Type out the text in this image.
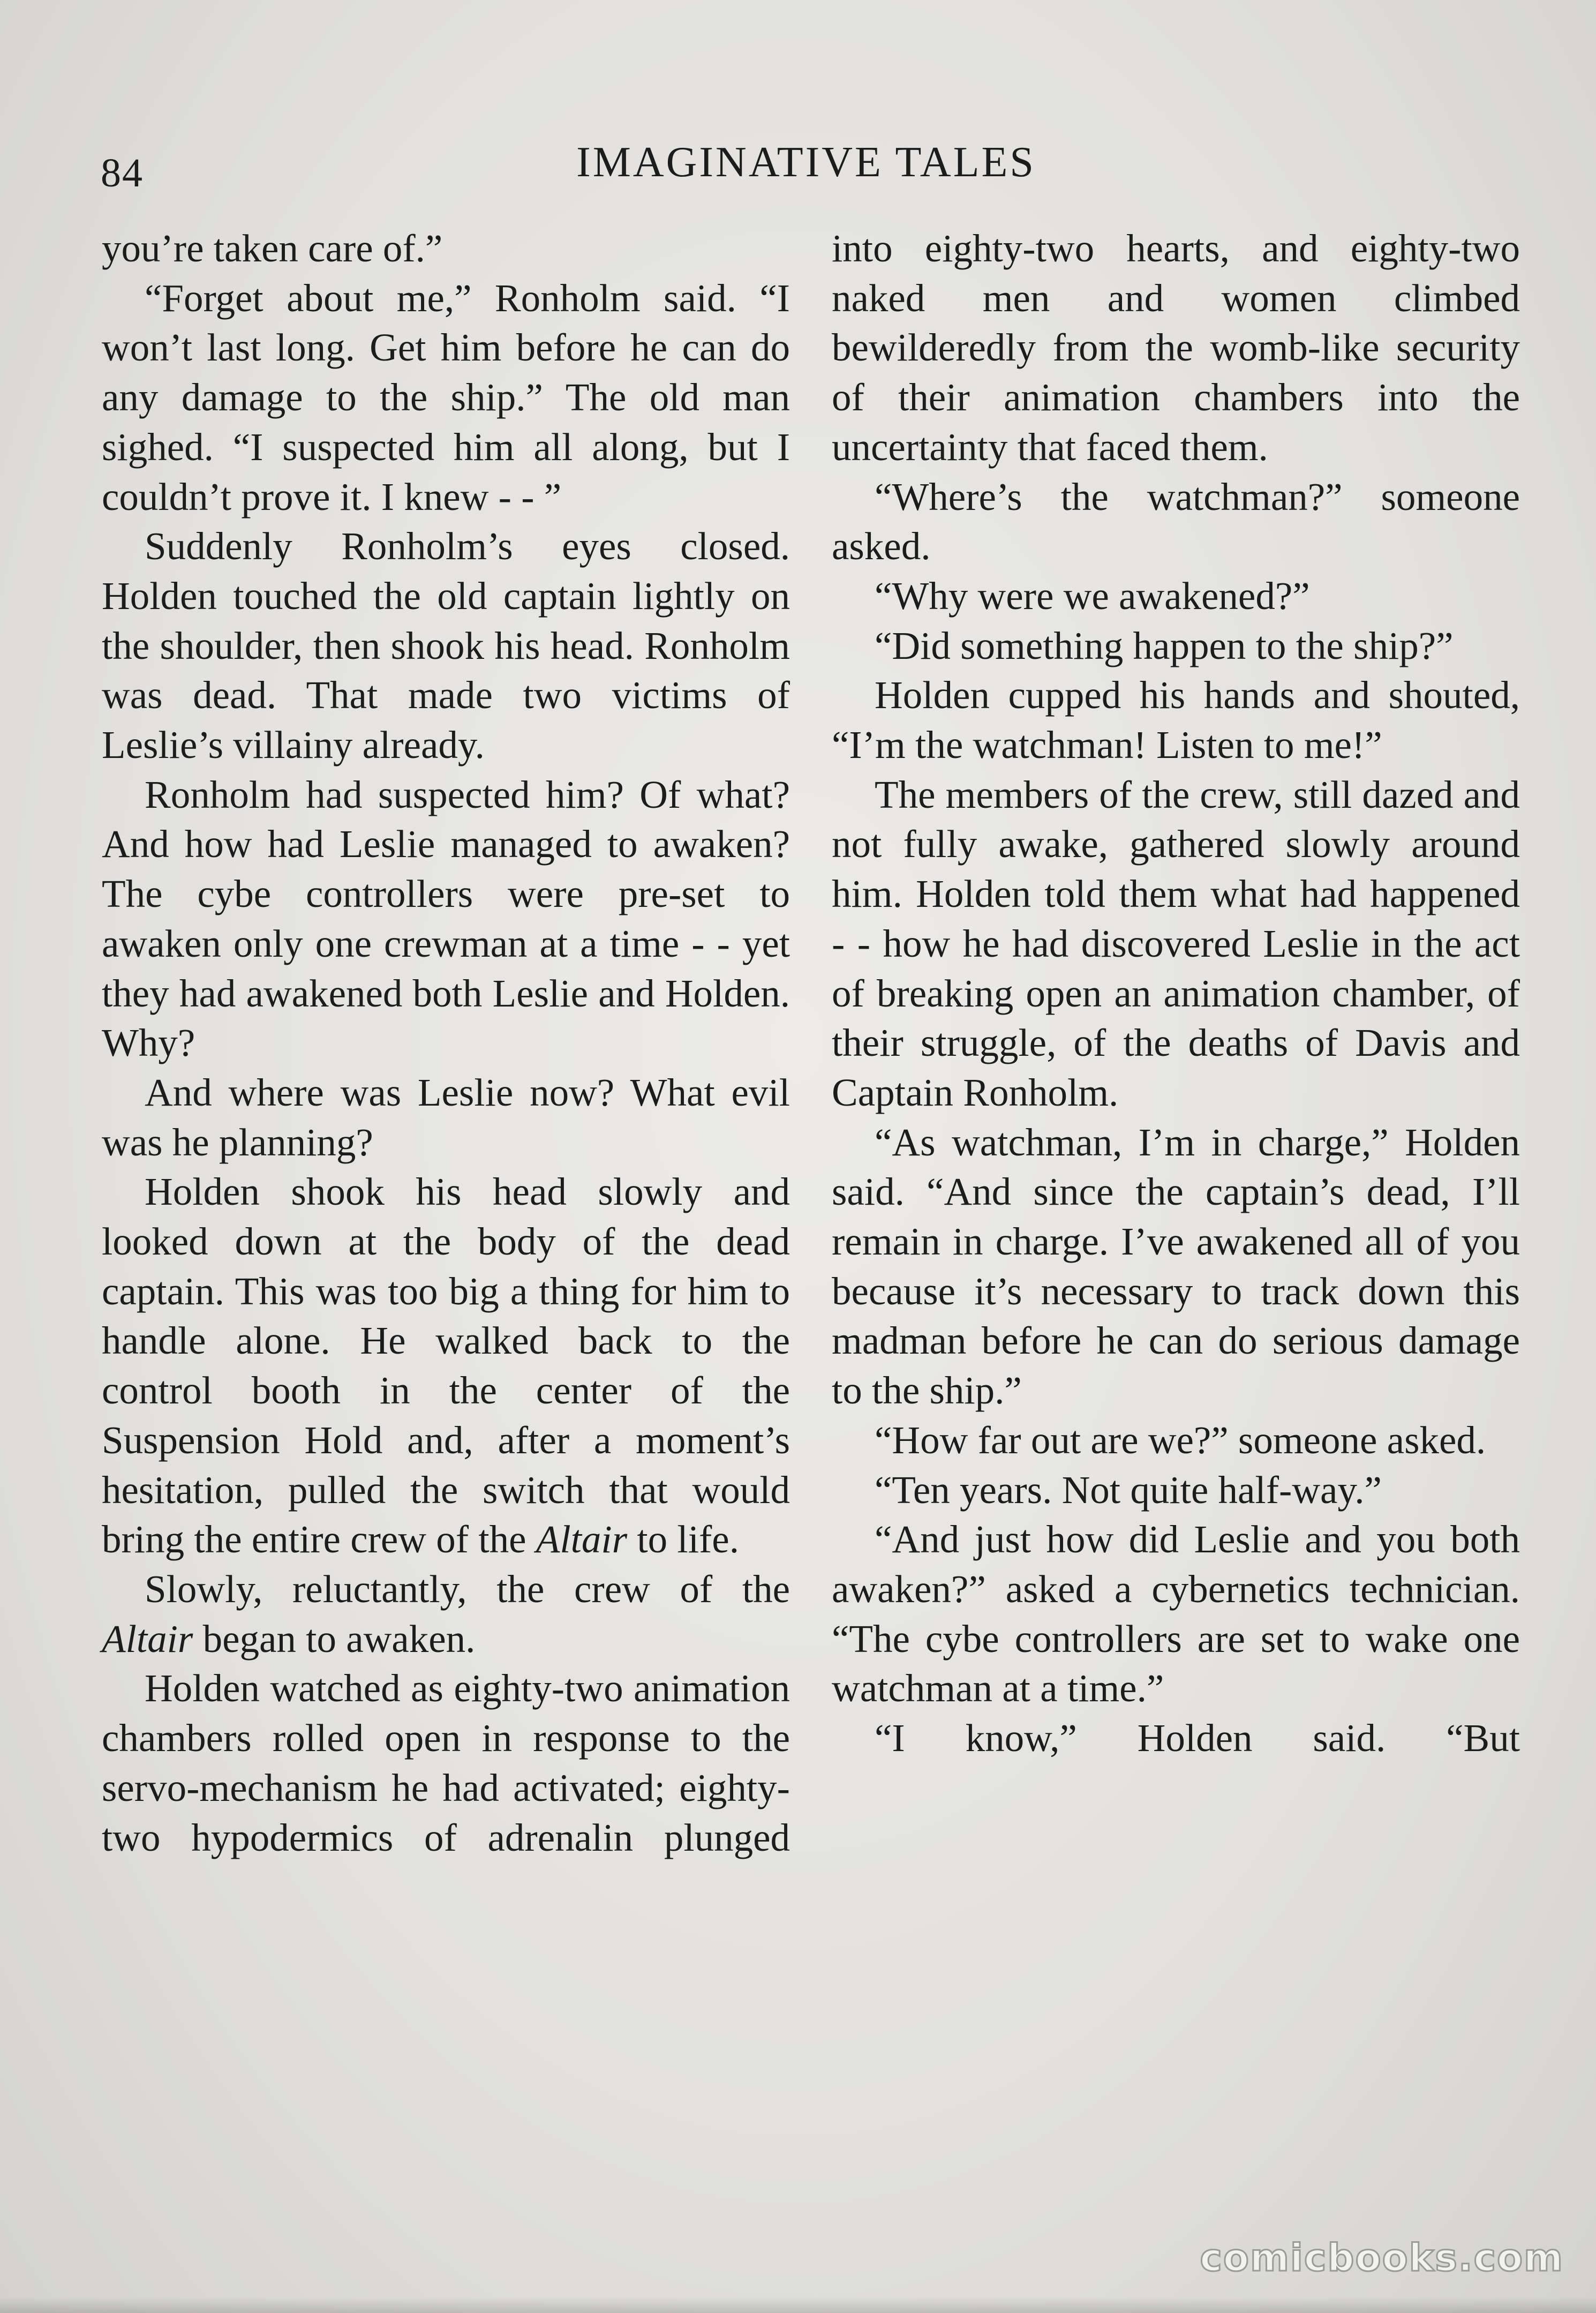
84	IMAGINATIVE TALES

you’re taken care of.”

“Forget about me,” Ronholm said. “I won’t last long. Get him before he can do any damage to the ship.” The old man sighed. “I suspected him all along, but I couldn’t prove it. I knew - - ”

Suddenly Ronholm’s eyes closed. Holden touched the old captain lightly on the shoulder, then shook his head. Ronholm was dead. That made two victims of Leslie’s villainy already.

Ronholm had suspected him? Of what? And how had Leslie managed to awaken? The cybe controllers were pre-set to awaken only one crewman at a time - - yet they had awakened both Leslie and Holden. Why?

And where was Leslie now? What evil was he planning?

Holden shook his head slowly and looked down at the body of the dead captain. This was too big a thing for him to handle alone. He walked back to the control booth in the center of the Suspension Hold and, after a moment’s hesitation, pulled the switch that would bring the entire crew of the Altair to life.

Slowly, reluctantly, the crew of the Altair began to awaken.

Holden watched as eighty-two animation chambers rolled open in response to the servo-mechanism he had activated; eighty-two hypodermics of adrenalin plunged

into eighty-two hearts, and eighty-two naked men and women climbed bewilderedly from the womb-like security of their animation chambers into the uncertainty that faced them.

“Where’s the watchman?” someone asked.

“Why were we awakened?”

“Did something happen to the ship?”

Holden cupped his hands and shouted, “I’m the watchman! Listen to me!”

The members of the crew, still dazed and not fully awake, gathered slowly around him. Holden told them what had happened - - how he had discovered Leslie in the act of breaking open an animation chamber, of their struggle, of the deaths of Davis and Captain Ronholm.

“As watchman, I’m in charge,” Holden said. “And since the captain’s dead, I’ll remain in charge. I’ve awakened all of you because it’s necessary to track down this madman before he can do serious damage to the ship.”

“How far out are we?” someone asked.

“Ten years. Not quite half-way.”

“And just how did Leslie and you both awaken?” asked a cybernetics technician. “The cybe controllers are set to wake one watchman at a time.”

“I know,” Holden said. “But

comicbooks.com
